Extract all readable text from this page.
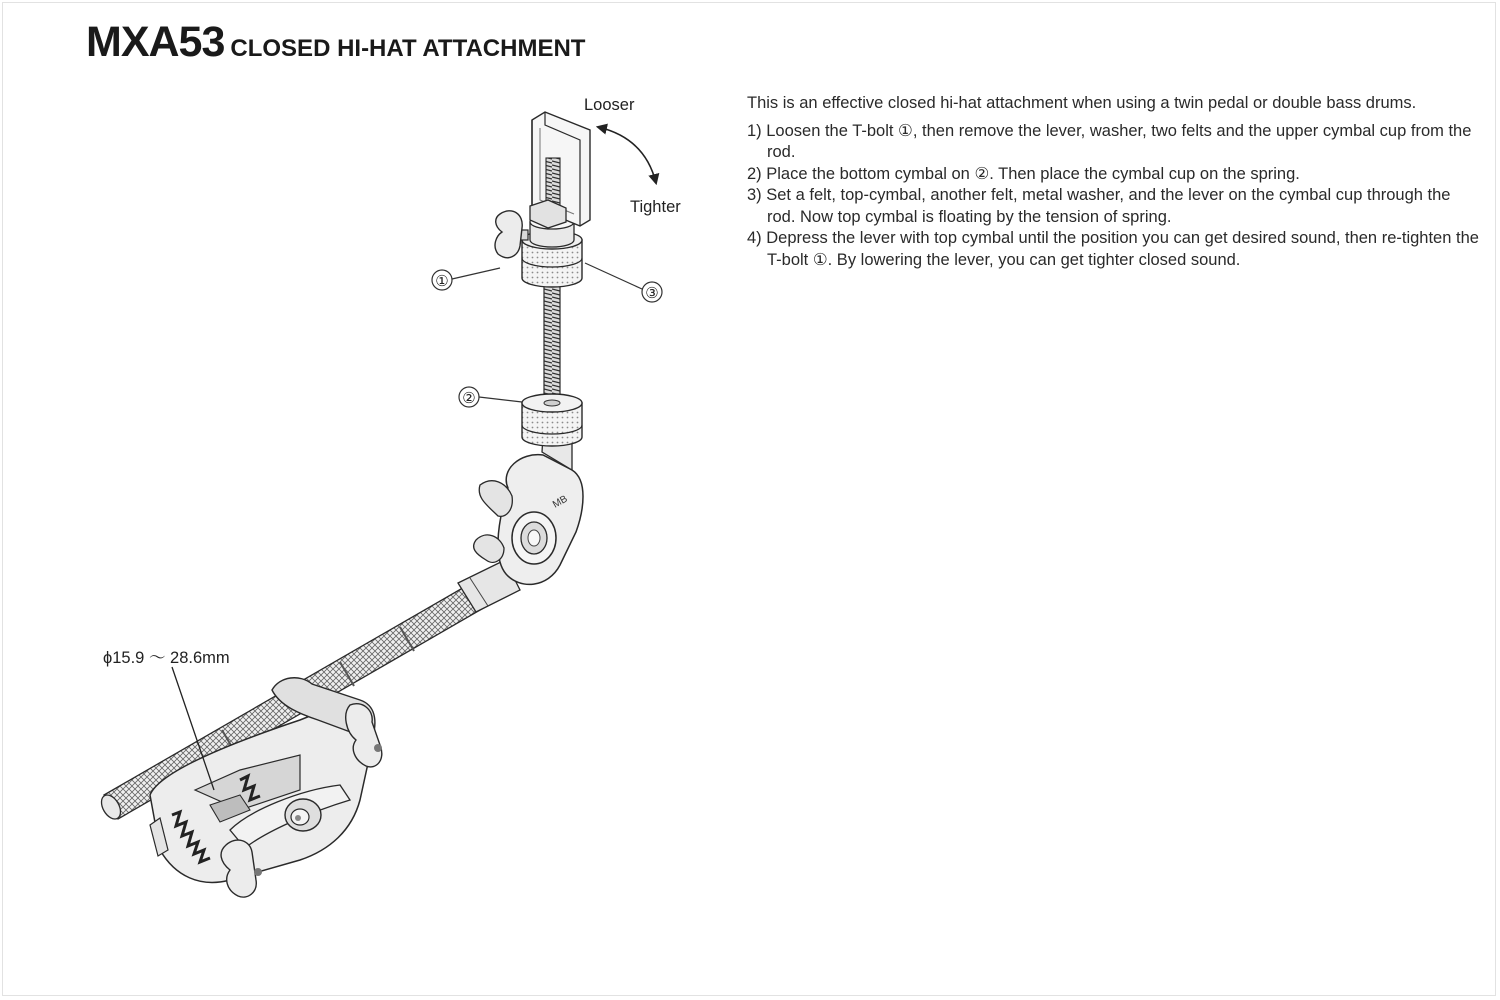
MXA53 CLOSED HI-HAT ATTACHMENT
Looser
Tighter
MB
①
②
③
ϕ15.9 ～ 28.6mm

This is an effective closed hi-hat attachment when using a twin pedal or double bass drums.

1) Loosen the T-bolt ①, then remove the lever, washer, two felts and the upper cymbal cup from the rod.
2) Place the bottom cymbal on ②. Then place the cymbal cup on the spring.
3) Set a felt, top-cymbal, another felt, metal washer, and the lever on the cymbal cup through the rod. Now top cymbal is floating by the tension of spring.
4) Depress the lever with top cymbal until the position you can get desired sound, then re-tighten the T-bolt ①. By lowering the lever, you can get tighter closed sound.
